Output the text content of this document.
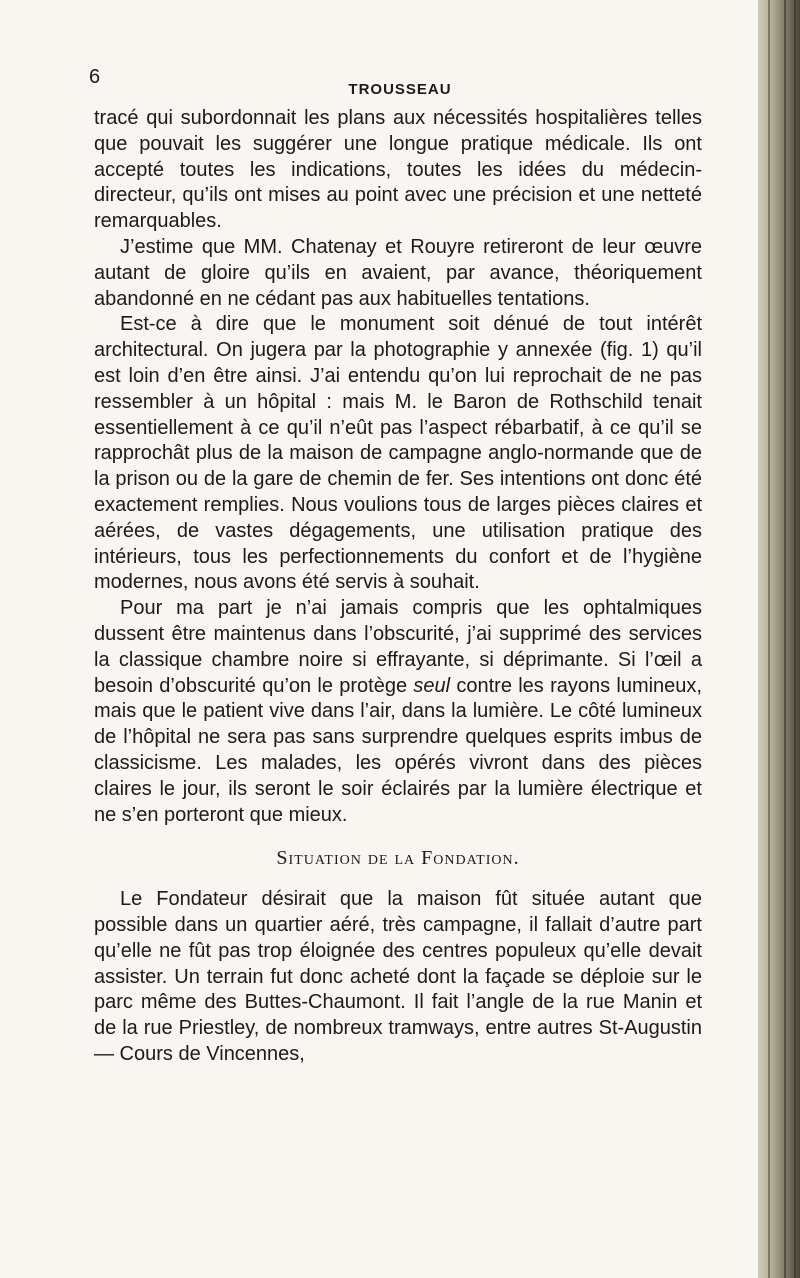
6
TROUSSEAU

tracé qui subordonnait les plans aux nécessités hospitalières telles que pouvait les suggérer une longue pratique médicale. Ils ont accepté toutes les indications, toutes les idées du médecin-directeur, qu’ils ont mises au point avec une précision et une netteté remarquables.

J’estime que MM. Chatenay et Rouyre retireront de leur œuvre autant de gloire qu’ils en avaient, par avance, théoriquement abandonné en ne cédant pas aux habituelles tentations.

Est-ce à dire que le monument soit dénué de tout intérêt architectural. On jugera par la photographie y annexée (fig. 1) qu’il est loin d’en être ainsi. J’ai entendu qu’on lui reprochait de ne pas ressembler à un hôpital : mais M. le Baron de Rothschild tenait essentiellement à ce qu’il n’eût pas l’aspect rébarbatif, à ce qu’il se rapprochât plus de la maison de campagne anglo-normande que de la prison ou de la gare de chemin de fer. Ses intentions ont donc été exactement remplies. Nous voulions tous de larges pièces claires et aérées, de vastes dégagements, une utilisation pratique des intérieurs, tous les perfectionnements du confort et de l’hygiène modernes, nous avons été servis à souhait.

Pour ma part je n’ai jamais compris que les ophtalmiques dussent être maintenus dans l’obscurité, j’ai supprimé des services la classique chambre noire si effrayante, si déprimante. Si l’œil a besoin d’obscurité qu’on le protège seul contre les rayons lumineux, mais que le patient vive dans l’air, dans la lumière. Le côté lumineux de l’hôpital ne sera pas sans surprendre quelques esprits imbus de classicisme. Les malades, les opérés vivront dans des pièces claires le jour, ils seront le soir éclairés par la lumière électrique et ne s’en porteront que mieux.

Situation de la Fondation.

Le Fondateur désirait que la maison fût située autant que possible dans un quartier aéré, très campagne, il fallait d’autre part qu’elle ne fût pas trop éloignée des centres populeux qu’elle devait assister. Un terrain fut donc acheté dont la façade se déploie sur le parc même des Buttes-Chaumont. Il fait l’angle de la rue Manin et de la rue Priestley, de nombreux tramways, entre autres St-Augustin — Cours de Vincennes,
